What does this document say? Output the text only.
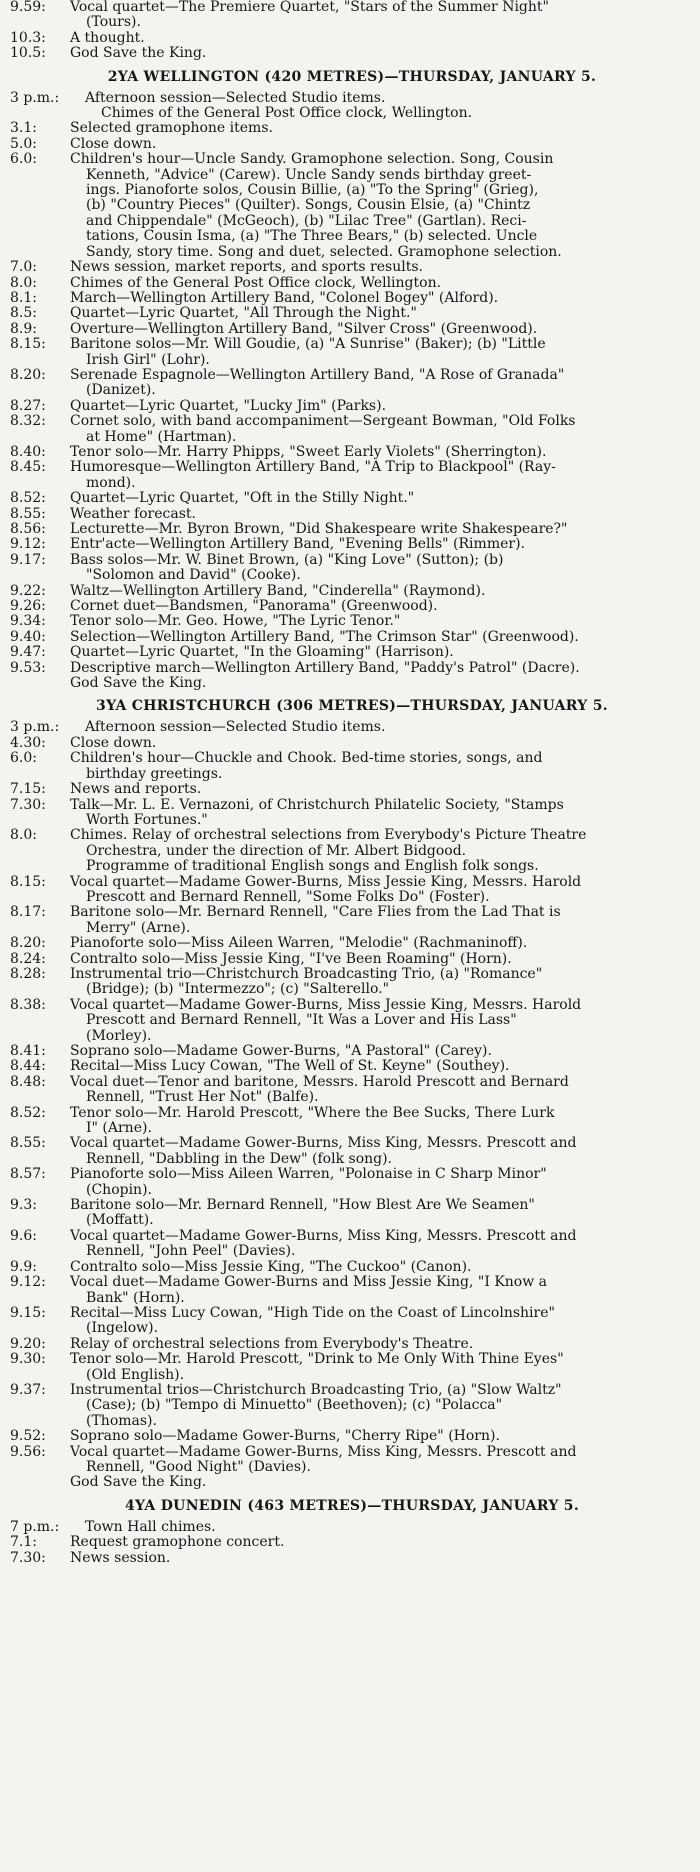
9.59:	Vocal quartet—The Premiere Quartet, "Stars of the Summer Night"
(Tours).
10.3:	A thought.
10.5:	God Save the King.
2YA WELLINGTON (420 METRES)—THURSDAY, JANUARY 5.
3 p.m.:	Afternoon session—Selected Studio items.
Chimes of the General Post Office clock, Wellington.
3.1:	Selected gramophone items.
5.0:	Close down.
6.0:	Children's hour—Uncle Sandy. Gramophone selection. Song, Cousin
Kenneth, "Advice" (Carew). Uncle Sandy sends birthday greet-
ings. Pianoforte solos, Cousin Billie, (a) "To the Spring" (Grieg),
(b) "Country Pieces" (Quilter). Songs, Cousin Elsie, (a) "Chintz
and Chippendale" (McGeoch), (b) "Lilac Tree" (Gartlan). Reci-
tations, Cousin Isma, (a) "The Three Bears," (b) selected. Uncle
Sandy, story time. Song and duet, selected. Gramophone selection.
7.0:	News session, market reports, and sports results.
8.0:	Chimes of the General Post Office clock, Wellington.
8.1:	March—Wellington Artillery Band, "Colonel Bogey" (Alford).
8.5:	Quartet—Lyric Quartet, "All Through the Night."
8.9:	Overture—Wellington Artillery Band, "Silver Cross" (Greenwood).
8.15:	Baritone solos—Mr. Will Goudie, (a) "A Sunrise" (Baker); (b) "Little
Irish Girl" (Lohr).
8.20:	Serenade Espagnole—Wellington Artillery Band, "A Rose of Granada"
(Danizet).
8.27:	Quartet—Lyric Quartet, "Lucky Jim" (Parks).
8.32:	Cornet solo, with band accompaniment—Sergeant Bowman, "Old Folks
at Home" (Hartman).
8.40:	Tenor solo—Mr. Harry Phipps, "Sweet Early Violets" (Sherrington).
8.45:	Humoresque—Wellington Artillery Band, "A Trip to Blackpool" (Ray-
mond).
8.52:	Quartet—Lyric Quartet, "Oft in the Stilly Night."
8.55:	Weather forecast.
8.56:	Lecturette—Mr. Byron Brown, "Did Shakespeare write Shakespeare?"
9.12:	Entr'acte—Wellington Artillery Band, "Evening Bells" (Rimmer).
9.17:	Bass solos—Mr. W. Binet Brown, (a) "King Love" (Sutton); (b)
"Solomon and David" (Cooke).
9.22:	Waltz—Wellington Artillery Band, "Cinderella" (Raymond).
9.26:	Cornet duet—Bandsmen, "Panorama" (Greenwood).
9.34:	Tenor solo—Mr. Geo. Howe, "The Lyric Tenor."
9.40:	Selection—Wellington Artillery Band, "The Crimson Star" (Greenwood).
9.47:	Quartet—Lyric Quartet, "In the Gloaming" (Harrison).
9.53:	Descriptive march—Wellington Artillery Band, "Paddy's Patrol" (Dacre).
God Save the King.
3YA CHRISTCHURCH (306 METRES)—THURSDAY, JANUARY 5.
3 p.m.:	Afternoon session—Selected Studio items.
4.30:	Close down.
6.0:	Children's hour—Chuckle and Chook. Bed-time stories, songs, and
birthday greetings.
7.15:	News and reports.
7.30:	Talk—Mr. L. E. Vernazoni, of Christchurch Philatelic Society, "Stamps
Worth Fortunes."
8.0:	Chimes. Relay of orchestral selections from Everybody's Picture Theatre
Orchestra, under the direction of Mr. Albert Bidgood.
Programme of traditional English songs and English folk songs.
8.15:	Vocal quartet—Madame Gower-Burns, Miss Jessie King, Messrs. Harold
Prescott and Bernard Rennell, "Some Folks Do" (Foster).
8.17:	Baritone solo—Mr. Bernard Rennell, "Care Flies from the Lad That is
Merry" (Arne).
8.20:	Pianoforte solo—Miss Aileen Warren, "Melodie" (Rachmaninoff).
8.24:	Contralto solo—Miss Jessie King, "I've Been Roaming" (Horn).
8.28:	Instrumental trio—Christchurch Broadcasting Trio, (a) "Romance"
(Bridge); (b) "Intermezzo"; (c) "Salterello."
8.38:	Vocal quartet—Madame Gower-Burns, Miss Jessie King, Messrs. Harold
Prescott and Bernard Rennell, "It Was a Lover and His Lass"
(Morley).
8.41:	Soprano solo—Madame Gower-Burns, "A Pastoral" (Carey).
8.44:	Recital—Miss Lucy Cowan, "The Well of St. Keyne" (Southey).
8.48:	Vocal duet—Tenor and baritone, Messrs. Harold Prescott and Bernard
Rennell, "Trust Her Not" (Balfe).
8.52:	Tenor solo—Mr. Harold Prescott, "Where the Bee Sucks, There Lurk
I" (Arne).
8.55:	Vocal quartet—Madame Gower-Burns, Miss King, Messrs. Prescott and
Rennell, "Dabbling in the Dew" (folk song).
8.57:	Pianoforte solo—Miss Aileen Warren, "Polonaise in C Sharp Minor"
(Chopin).
9.3:	Baritone solo—Mr. Bernard Rennell, "How Blest Are We Seamen"
(Moffatt).
9.6:	Vocal quartet—Madame Gower-Burns, Miss King, Messrs. Prescott and
Rennell, "John Peel" (Davies).
9.9:	Contralto solo—Miss Jessie King, "The Cuckoo" (Canon).
9.12:	Vocal duet—Madame Gower-Burns and Miss Jessie King, "I Know a
Bank" (Horn).
9.15:	Recital—Miss Lucy Cowan, "High Tide on the Coast of Lincolnshire"
(Ingelow).
9.20:	Relay of orchestral selections from Everybody's Theatre.
9.30:	Tenor solo—Mr. Harold Prescott, "Drink to Me Only With Thine Eyes"
(Old English).
9.37:	Instrumental trios—Christchurch Broadcasting Trio, (a) "Slow Waltz"
(Case); (b) "Tempo di Minuetto" (Beethoven); (c) "Polacca"
(Thomas).
9.52:	Soprano solo—Madame Gower-Burns, "Cherry Ripe" (Horn).
9.56:	Vocal quartet—Madame Gower-Burns, Miss King, Messrs. Prescott and
Rennell, "Good Night" (Davies).
God Save the King.
4YA DUNEDIN (463 METRES)—THURSDAY, JANUARY 5.
7 p.m.:	Town Hall chimes.
7.1:	Request gramophone concert.
7.30:	News session.
